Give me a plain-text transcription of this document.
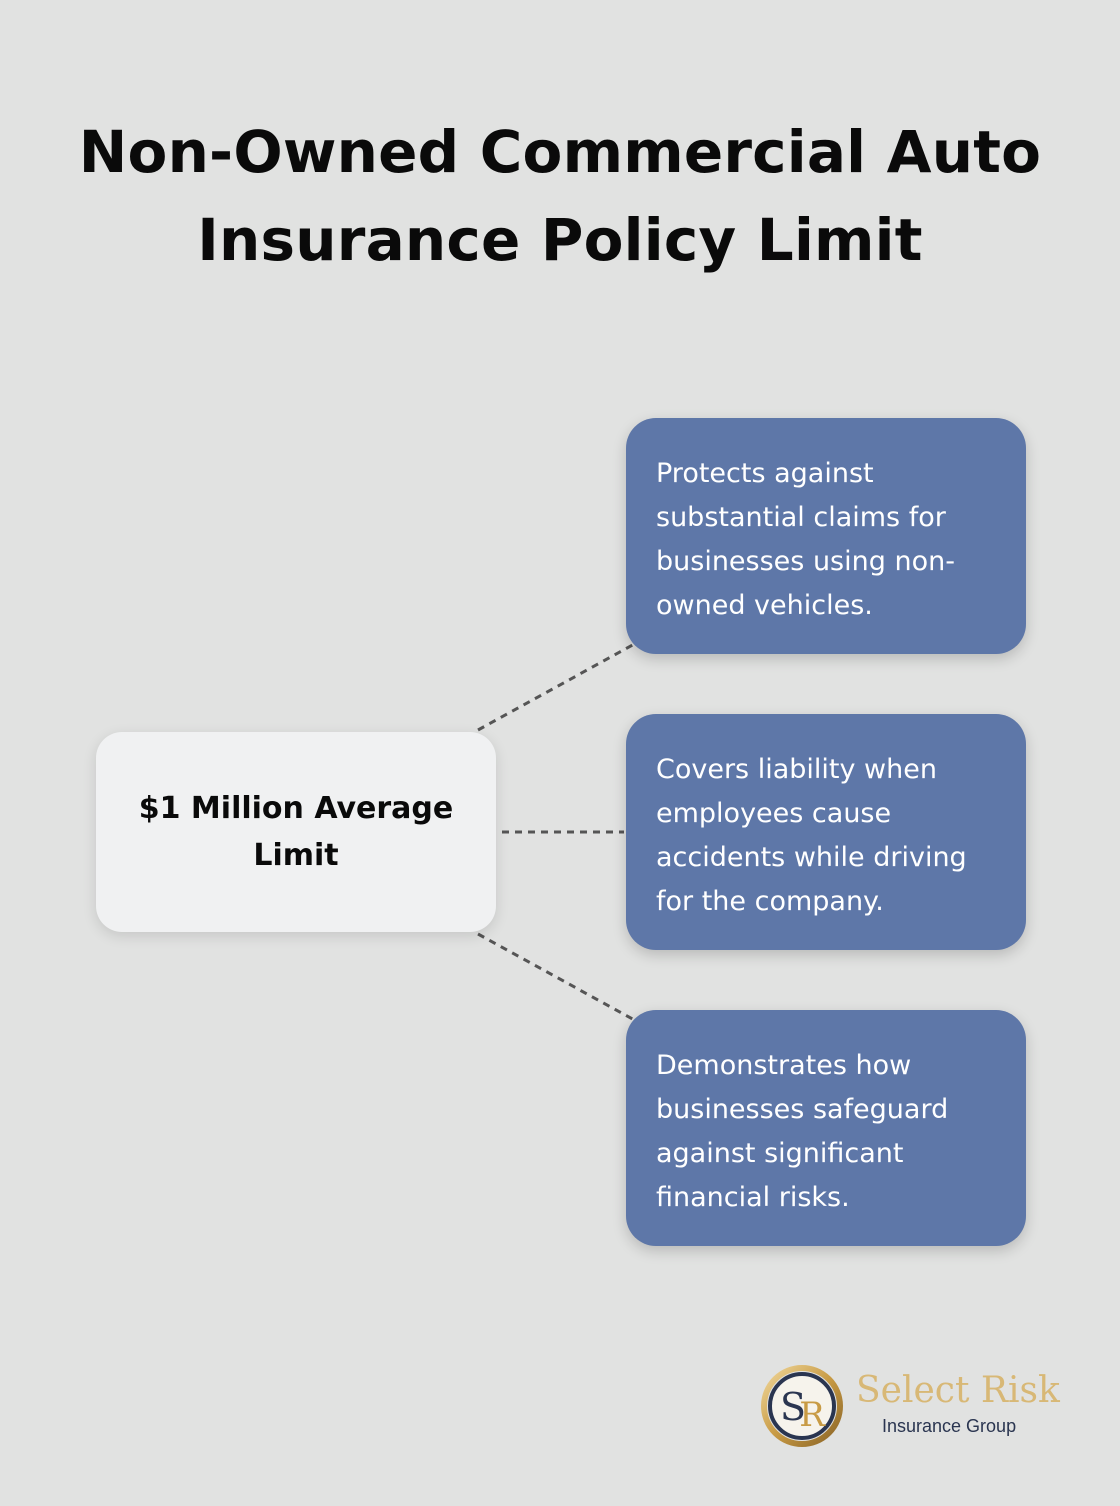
Non-Owned Commercial Auto Insurance Policy Limit
$1 Million Average Limit
Protects against substantial claims for businesses using non-owned vehicles.
Covers liability when employees cause accidents while driving for the company.
Demonstrates how businesses safeguard against significant financial risks.
S
R
Select Risk
Insurance Group
